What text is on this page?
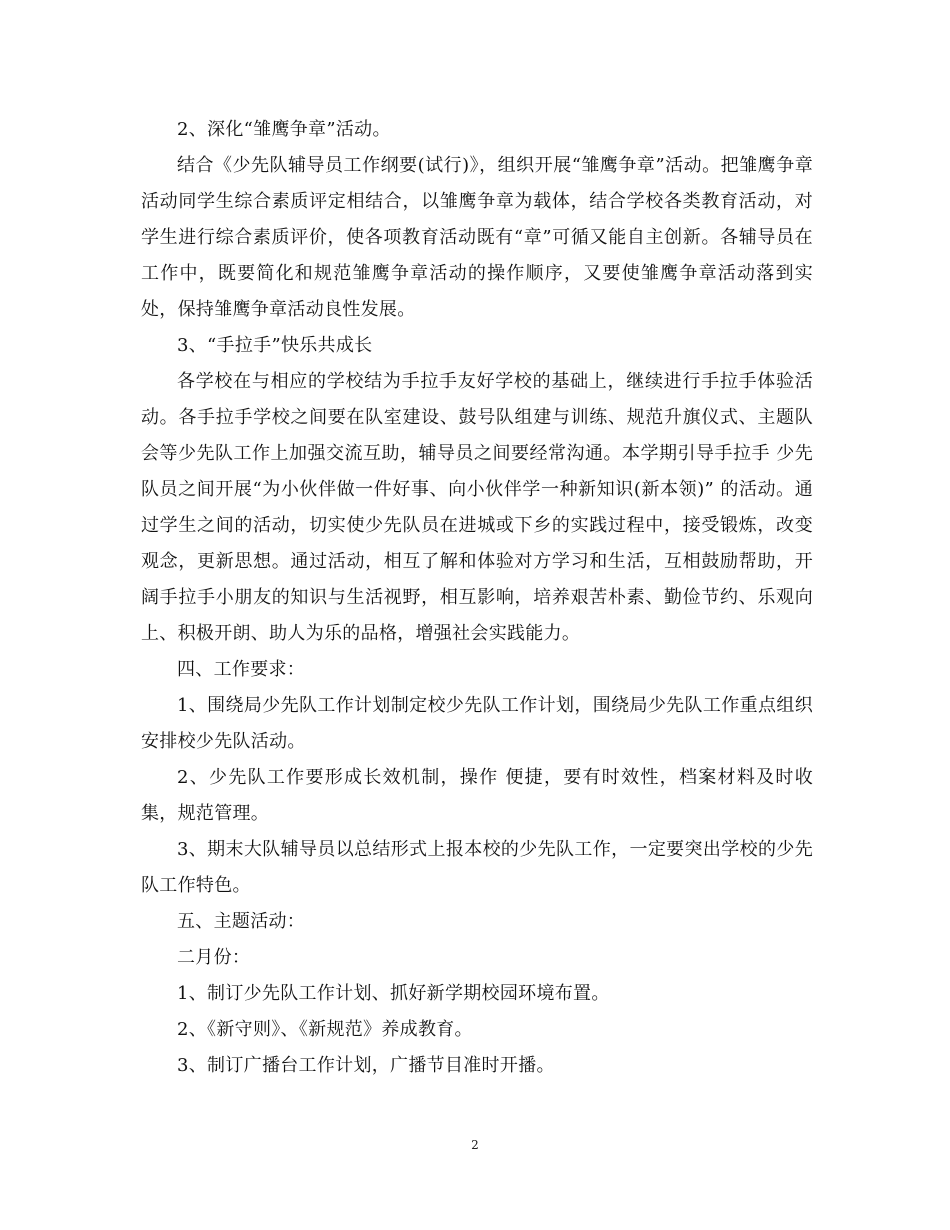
2、深化“雏鹰争章”活动。

结合《少先队辅导员工作纲要(试行)》，组织开展“雏鹰争章”活动。把雏鹰争章活动同学生综合素质评定相结合，以雏鹰争章为载体，结合学校各类教育活动，对学生进行综合素质评价，使各项教育活动既有“章”可循又能自主创新。各辅导员在工作中，既要简化和规范雏鹰争章活动的操作顺序，又要使雏鹰争章活动落到实处，保持雏鹰争章活动良性发展。

3、“手拉手”快乐共成长

各学校在与相应的学校结为手拉手友好学校的基础上，继续进行手拉手体验活动。各手拉手学校之间要在队室建设、鼓号队组建与训练、规范升旗仪式、主题队会等少先队工作上加强交流互助，辅导员之间要经常沟通。本学期引导手拉手 少先队员之间开展“为小伙伴做一件好事、向小伙伴学一种新知识(新本领)” 的活动。通过学生之间的活动，切实使少先队员在进城或下乡的实践过程中，接受锻炼，改变观念，更新思想。通过活动，相互了解和体验对方学习和生活，互相鼓励帮助，开阔手拉手小朋友的知识与生活视野，相互影响，培养艰苦朴素、勤俭节约、乐观向上、积极开朗、助人为乐的品格，增强社会实践能力。

四、工作要求：

1、围绕局少先队工作计划制定校少先队工作计划，围绕局少先队工作重点组织安排校少先队活动。

2、少先队工作要形成长效机制，操作 便捷，要有时效性，档案材料及时收集，规范管理。

3、期末大队辅导员以总结形式上报本校的少先队工作，一定要突出学校的少先队工作特色。

五、主题活动：

二月份：

1、制订少先队工作计划、抓好新学期校园环境布置。

2、《新守则》、《新规范》养成教育。

3、制订广播台工作计划，广播节目准时开播。

2
